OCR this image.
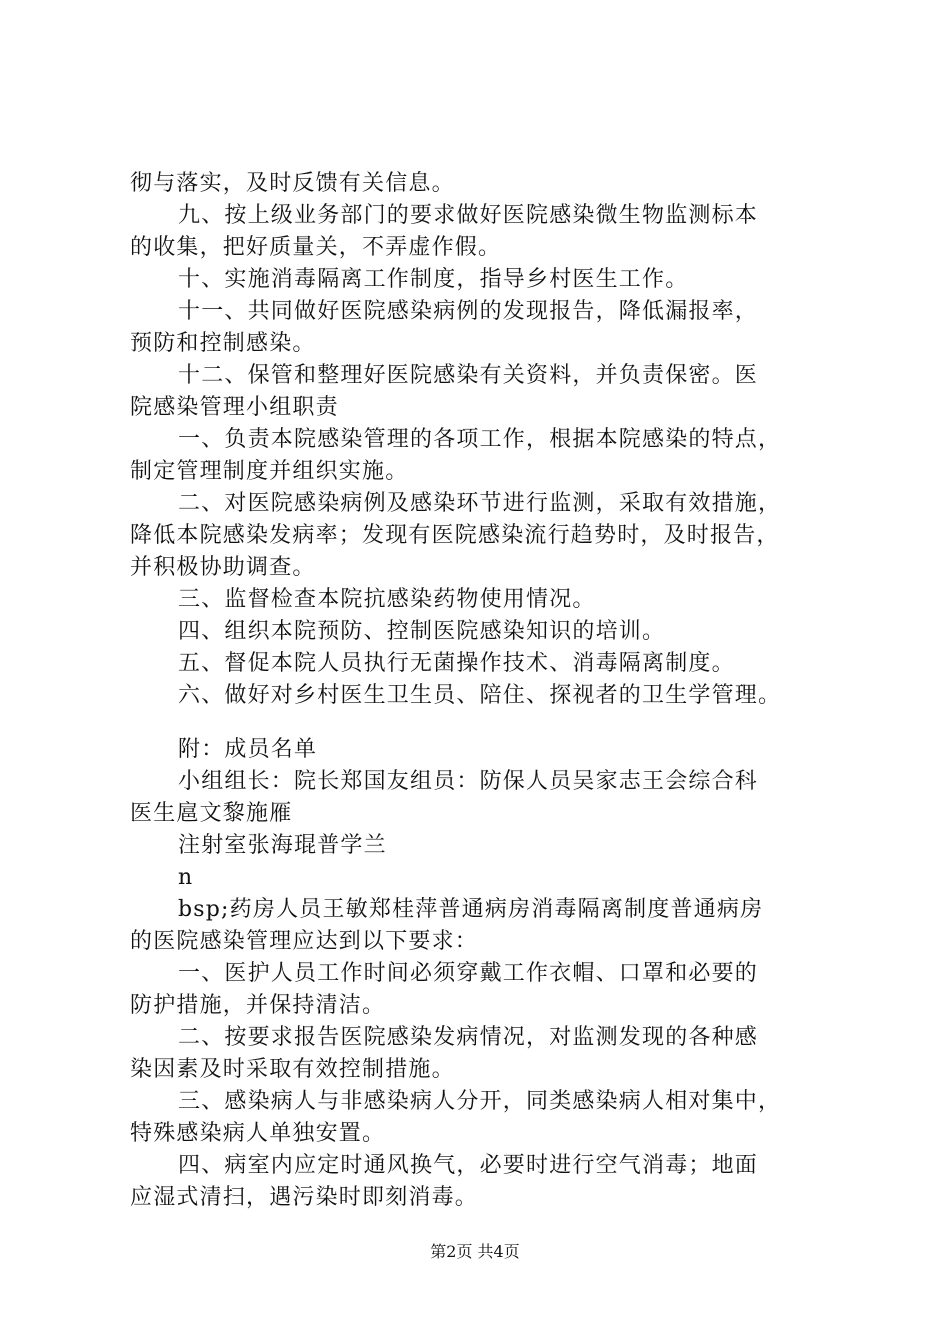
彻与落实，及时反馈有关信息。
九、按上级业务部门的要求做好医院感染微生物监测标本
的收集，把好质量关，不弄虚作假。
十、实施消毒隔离工作制度，指导乡村医生工作。
十一、共同做好医院感染病例的发现报告，降低漏报率，
预防和控制感染。
十二、保管和整理好医院感染有关资料，并负责保密。医
院感染管理小组职责
一、负责本院感染管理的各项工作，根据本院感染的特点，
制定管理制度并组织实施。
二、对医院感染病例及感染环节进行监测，采取有效措施，
降低本院感染发病率；发现有医院感染流行趋势时，及时报告，
并积极协助调查。
三、监督检查本院抗感染药物使用情况。
四、组织本院预防、控制医院感染知识的培训。
五、督促本院人员执行无菌操作技术、消毒隔离制度。
六、做好对乡村医生卫生员、陪住、探视者的卫生学管理。
附：成员名单
小组组长：院长郑国友组员：防保人员吴家志王会综合科
医生扈文黎施雁
注射室张海琨普学兰
n
bsp;药房人员王敏郑桂萍普通病房消毒隔离制度普通病房
的医院感染管理应达到以下要求：
一、医护人员工作时间必须穿戴工作衣帽、口罩和必要的
防护措施，并保持清洁。
二、按要求报告医院感染发病情况，对监测发现的各种感
染因素及时采取有效控制措施。
三、感染病人与非感染病人分开，同类感染病人相对集中，
特殊感染病人单独安置。
四、病室内应定时通风换气，必要时进行空气消毒；地面
应湿式清扫，遇污染时即刻消毒。
第2页 共4页
